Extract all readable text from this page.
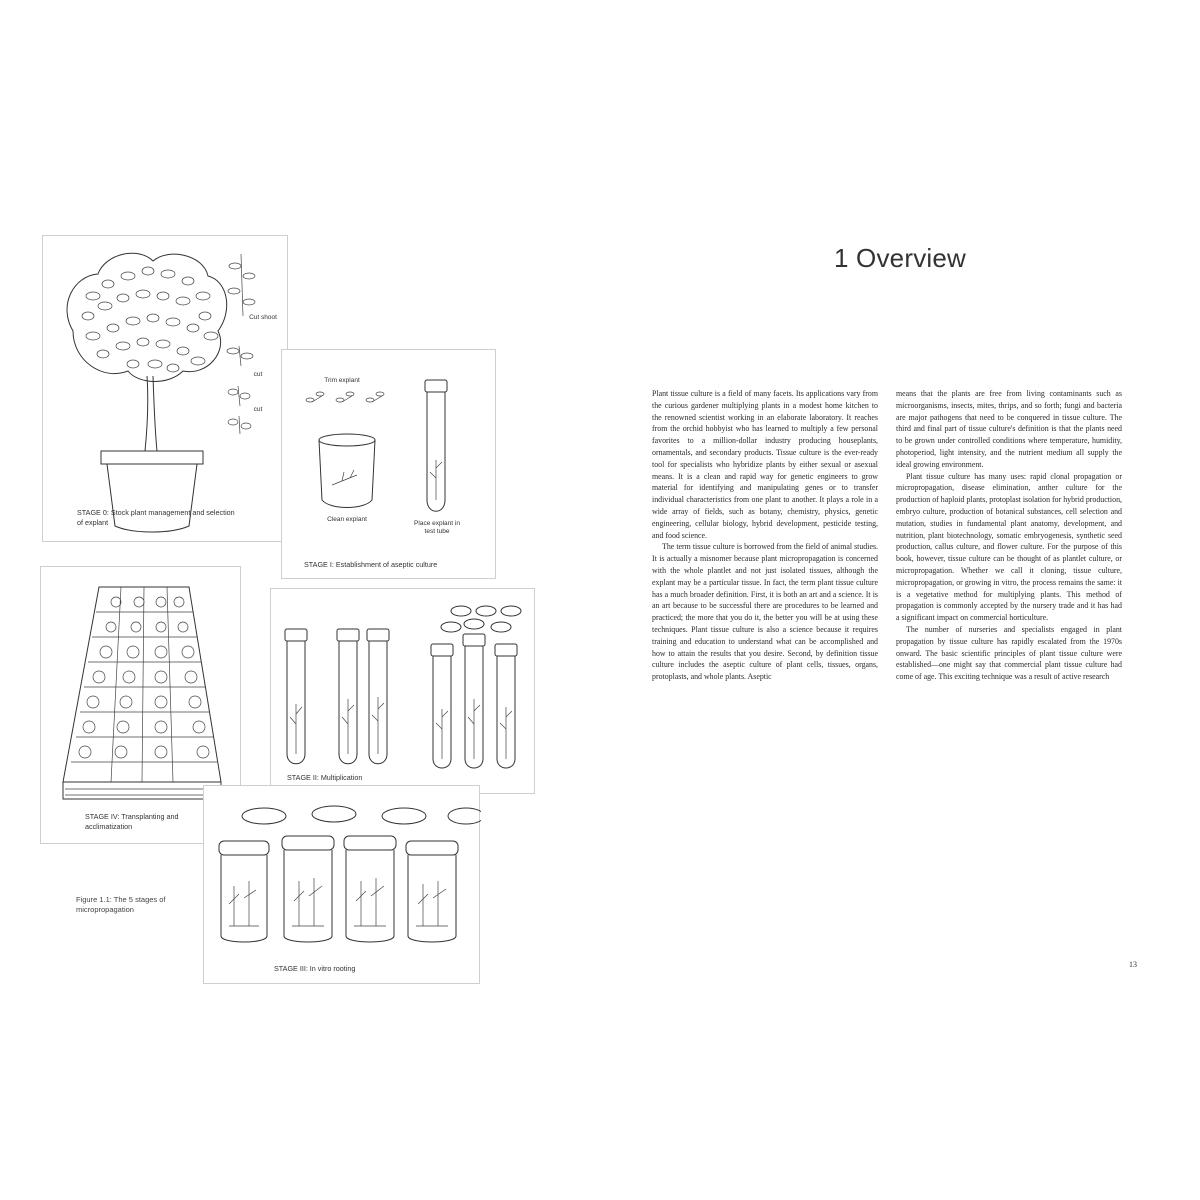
Cut shoot
cut
cut
STAGE 0: Stock plant management and selection of explant
Trim explant
Clean explant
Place explant in test tube
STAGE I: Establishment of aseptic culture
STAGE IV: Transplanting and acclimatization
STAGE II: Multiplication
STAGE III: In vitro rooting
Figure 1.1: The 5 stages of micropropagation
1 Overview

Plant tissue culture is a field of many facets. Its applications vary from the curious gardener multiplying plants in a modest home kitchen to the renowned scientist working in an elaborate laboratory. It reaches from the orchid hobbyist who has learned to multiply a few personal favorites to a million-dollar industry producing houseplants, ornamentals, and secondary products. Tissue culture is the ever-ready tool for specialists who hybridize plants by either sexual or asexual means. It is a clean and rapid way for genetic engineers to grow material for identifying and manipulating genes or to transfer individual characteristics from one plant to another. It plays a role in a wide array of fields, such as botany, chemistry, physics, genetic engineering, cellular biology, hybrid development, pesticide testing, and food science.

The term tissue culture is borrowed from the field of animal studies. It is actually a misnomer because plant micropropagation is concerned with the whole plantlet and not just isolated tissues, although the explant may be a particular tissue. In fact, the term plant tissue culture has a much broader definition. First, it is both an art and a science. It is an art because to be successful there are procedures to be learned and practiced; the more that you do it, the better you will be at using these techniques. Plant tissue culture is also a science because it requires training and education to understand what can be accomplished and how to attain the results that you desire. Second, by definition tissue culture includes the aseptic culture of plant cells, tissues, organs, protoplasts, and whole plants. Aseptic

means that the plants are free from living contaminants such as microorganisms, insects, mites, thrips, and so forth; fungi and bacteria are major pathogens that need to be conquered in tissue culture. The third and final part of tissue culture's definition is that the plants need to be grown under controlled conditions where temperature, humidity, photoperiod, light intensity, and the nutrient medium all supply the ideal growing environment.

Plant tissue culture has many uses: rapid clonal propagation or micropropagation, disease elimination, anther culture for the production of haploid plants, protoplast isolation for hybrid production, embryo culture, production of botanical substances, cell selection and mutation, studies in fundamental plant anatomy, development, and nutrition, plant biotechnology, somatic embryogenesis, synthetic seed production, callus culture, and flower culture. For the purpose of this book, however, tissue culture can be thought of as plantlet culture, or micropropagation. Whether we call it cloning, tissue culture, micropropagation, or growing in vitro, the process remains the same: it is a vegetative method for multiplying plants. This method of propagation is commonly accepted by the nursery trade and it has had a significant impact on commercial horticulture.

The number of nurseries and specialists engaged in plant propagation by tissue culture has rapidly escalated from the 1970s onward. The basic scientific principles of plant tissue culture were established—one might say that commercial plant tissue culture had come of age. This exciting technique was a result of active research

13
